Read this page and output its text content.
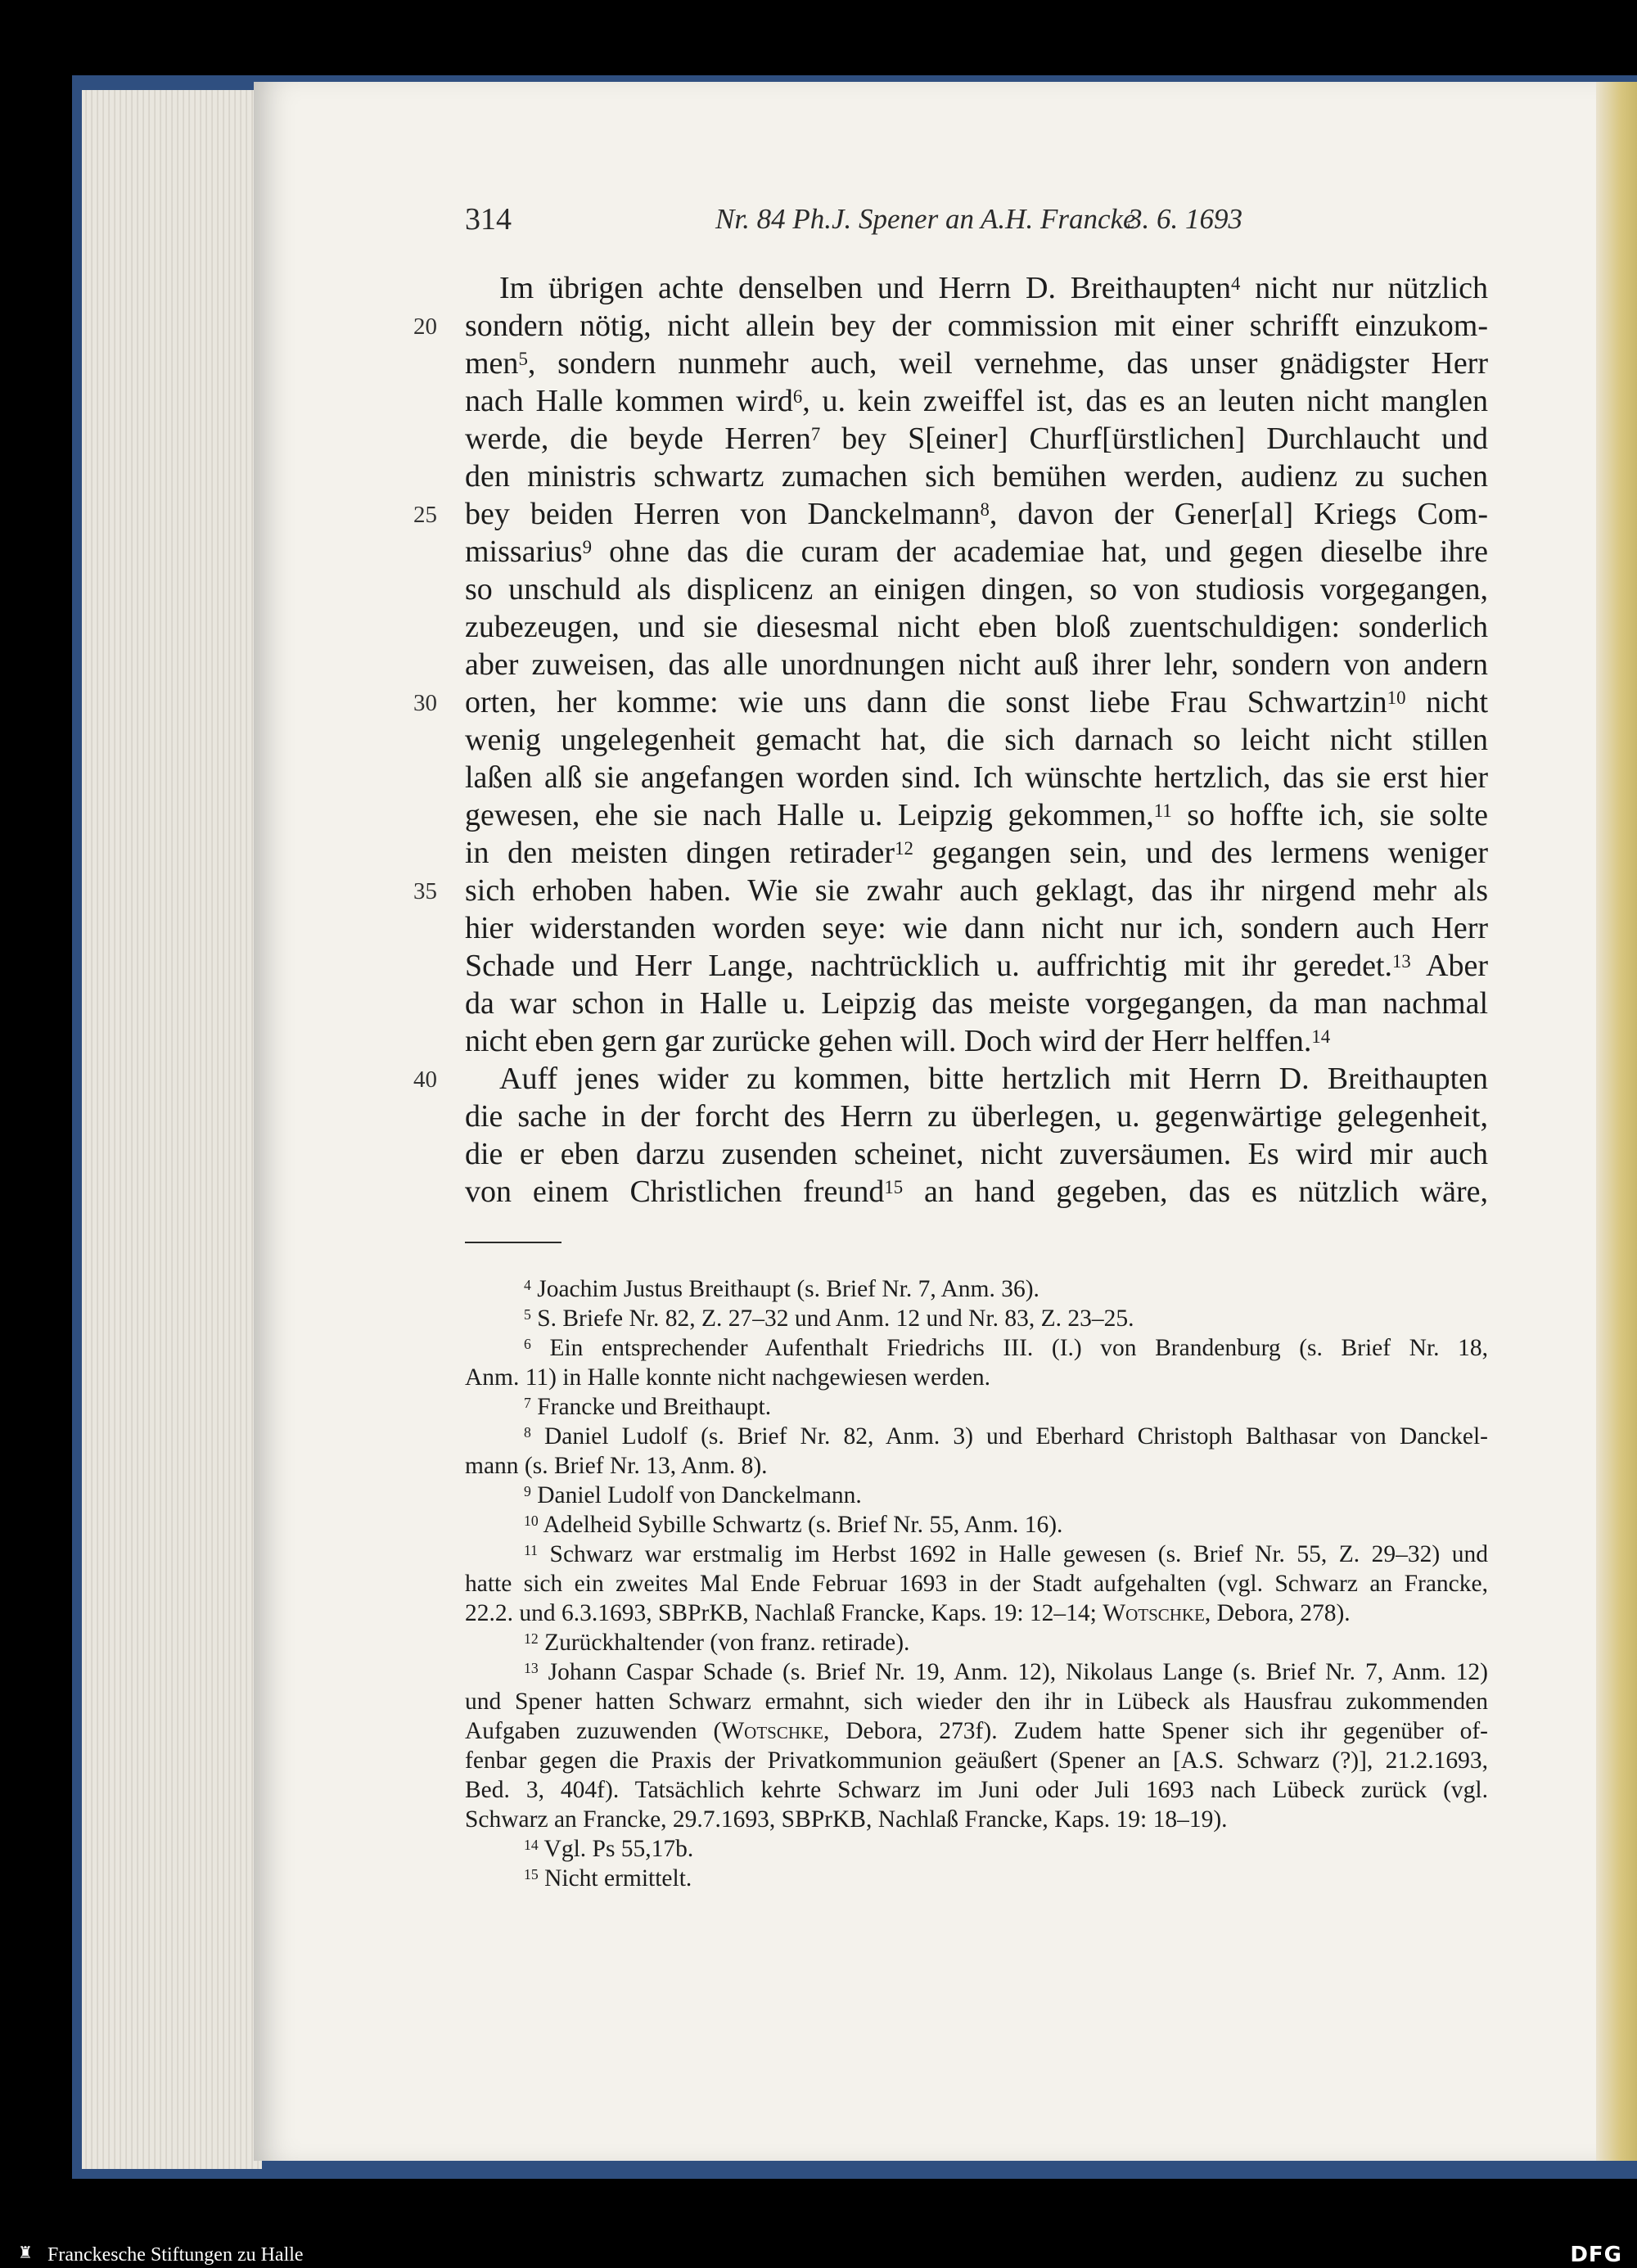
314	Nr. 84 Ph.J. Spener an A.H. Francke
3. 6. 1693
20
25
30
35
40
Im übrigen achte denselben und Herrn D. Breithaupten$^4$ nicht nur nützlich
sondern nötig, nicht allein bey der commission mit einer schrifft einzukom-
men$^5$, sondern nunmehr auch, weil vernehme, das unser gnädigster Herr
nach Halle kommen wird$^6$, u. kein zweiffel ist, das es an leuten nicht manglen
werde, die beyde Herren$^7$ bey S[einer] Churf[ürstlichen] Durchlaucht und
den ministris schwartz zumachen sich bemühen werden, audienz zu suchen
bey beiden Herren von Danckelmann$^8$, davon der Gener[al] Kriegs Com-
missarius$^9$ ohne das die curam der academiae hat, und gegen dieselbe ihre
so unschuld als displicenz an einigen dingen, so von studiosis vorgegangen,
zubezeugen, und sie diesesmal nicht eben bloß zuentschuldigen: sonderlich
aber zuweisen, das alle unordnungen nicht auß ihrer lehr, sondern von andern
orten, her komme: wie uns dann die sonst liebe Frau Schwartzin$^{10}$ nicht
wenig ungelegenheit gemacht hat, die sich darnach so leicht nicht stillen
laßen alß sie angefangen worden sind. Ich wünschte hertzlich, das sie erst hier
gewesen, ehe sie nach Halle u. Leipzig gekommen,$^{11}$ so hoffte ich, sie solte
in den meisten dingen retirader$^{12}$ gegangen sein, und des lermens weniger
sich erhoben haben. Wie sie zwahr auch geklagt, das ihr nirgend mehr als
hier widerstanden worden seye: wie dann nicht nur ich, sondern auch Herr
Schade und Herr Lange, nachtrücklich u. auffrichtig mit ihr geredet.$^{13}$ Aber
da war schon in Halle u. Leipzig das meiste vorgegangen, da man nachmal
nicht eben gern gar zurücke gehen will. Doch wird der Herr helffen.$^{14}$
Auff jenes wider zu kommen, bitte hertzlich mit Herrn D. Breithaupten
die sache in der forcht des Herrn zu überlegen, u. gegenwärtige gelegenheit,
die er eben darzu zusenden scheinet, nicht zuversäumen. Es wird mir auch
von einem Christlichen freund$^{15}$ an hand gegeben, das es nützlich wäre,
$^4$ Joachim Justus Breithaupt (s. Brief Nr. 7, Anm. 36).
$^5$ S. Briefe Nr. 82, Z. 27–32 und Anm. 12 und Nr. 83, Z. 23–25.
$^6$ Ein entsprechender Aufenthalt Friedrichs III. (I.) von Brandenburg (s. Brief Nr. 18,
Anm. 11) in Halle konnte nicht nachgewiesen werden.
$^7$ Francke und Breithaupt.
$^8$ Daniel Ludolf (s. Brief Nr. 82, Anm. 3) und Eberhard Christoph Balthasar von Danckel-
mann (s. Brief Nr. 13, Anm. 8).
$^9$ Daniel Ludolf von Danckelmann.
$^{10}$ Adelheid Sybille Schwartz (s. Brief Nr. 55, Anm. 16).
$^{11}$ Schwarz war erstmalig im Herbst 1692 in Halle gewesen (s. Brief Nr. 55, Z. 29–32) und
hatte sich ein zweites Mal Ende Februar 1693 in der Stadt aufgehalten (vgl. Schwarz an Francke,
22.2. und 6.3.1693, SBPrKB, Nachlaß Francke, Kaps. 19: 12–14; Wotschke, Debora, 278).
$^{12}$ Zurückhaltender (von franz. retirade).
$^{13}$ Johann Caspar Schade (s. Brief Nr. 19, Anm. 12), Nikolaus Lange (s. Brief Nr. 7, Anm. 12)
und Spener hatten Schwarz ermahnt, sich wieder den ihr in Lübeck als Hausfrau zukommenden
Aufgaben zuzuwenden (Wotschke, Debora, 273f). Zudem hatte Spener sich ihr gegenüber of-
fenbar gegen die Praxis der Privatkommunion geäußert (Spener an [A.S. Schwarz (?)], 21.2.1693,
Bed. 3, 404f). Tatsächlich kehrte Schwarz im Juni oder Juli 1693 nach Lübeck zurück (vgl.
Schwarz an Francke, 29.7.1693, SBPrKB, Nachlaß Francke, Kaps. 19: 18–19).
$^{14}$ Vgl. Ps 55,17b.
$^{15}$ Nicht ermittelt.
♜ Franckesche Stiftungen zu Halle	DFG
